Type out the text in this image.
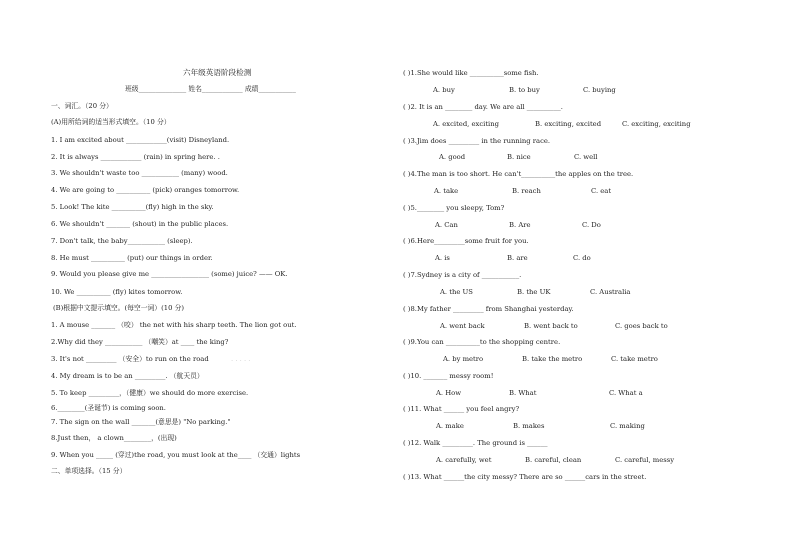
六年级英语阶段检测
班级______________ 姓名____________ 成绩___________
一、词汇。（20 分）
(A)用所给词的适当形式填空。（10 分）
1. I am excited about ____________(visit) Disneyland.
2. It is always ____________ (rain) in spring here. .
3. We shouldn't waste too ___________ (many) wood.
4. We are going to __________ (pick) oranges tomorrow.
5. Look! The kite __________(fly) high in the sky.
6. We shouldn't _______ (shout) in the public places.
7. Don't talk, the baby___________ (sleep).
8. He must __________ (put) our things in order.
9. Would you please give me _________________ (some) juice? —— OK.
10. We __________ (fly) kites tomorrow.
(B)根据中文提示填空。(每空一词）(10 分)
1. A mouse _______ （咬） the net with his sharp teeth. The lion got out.
2.Why did they ___________ （嘲笑）at ____ the king?
3. It's not _________ （安全）to run on the road	. . . . .
4. My dream is to be an _________. （航天员）
5. To keep _________，（健康）we should do more exercise.
6.________(圣诞节) is coming soon.
7. The sign on the wall _______(意思是) "No parking."
8.Just then， a clown________，(出现)
9. When you _____ (穿过)the road, you must look at the____ （交通）lights
二、单项选择。（15 分）
( )1.She would like __________some fish.
A. buy	B. to buy	C. buying
( )2. It is an ________ day. We are all __________.
A. excited, exciting	B. exciting, excited	C. exciting, exciting
( )3.Jim does _________ in the running race.
A. good	B. nice	C. well
( )4.The man is too short. He can't__________the apples on the tree.
A. take	B. reach	C. eat
( )5.________ you sleepy, Tom?
A. Can	B. Are	C. Do
( )6.Here_________some fruit for you.
A. is	B. are	C. do
( )7.Sydney is a city of ___________.
A. the US	B. the UK	C. Australia
( )8.My father _________ from Shanghai yesterday.
A. went back	B. went back to	C. goes back to
( )9.You can __________to the shopping centre.
A. by metro	B. take the metro	C. take metro
( )10. _______ messy room!
A. How	B. What	C. What a
( )11. What ______ you feel angry?
A. make	B. makes	C. making
( )12. Walk _________. The ground is ______
A. carefully, wet	B. careful, clean	C. careful, messy
( )13. What ______the city messy? There are so ______cars in the street.
